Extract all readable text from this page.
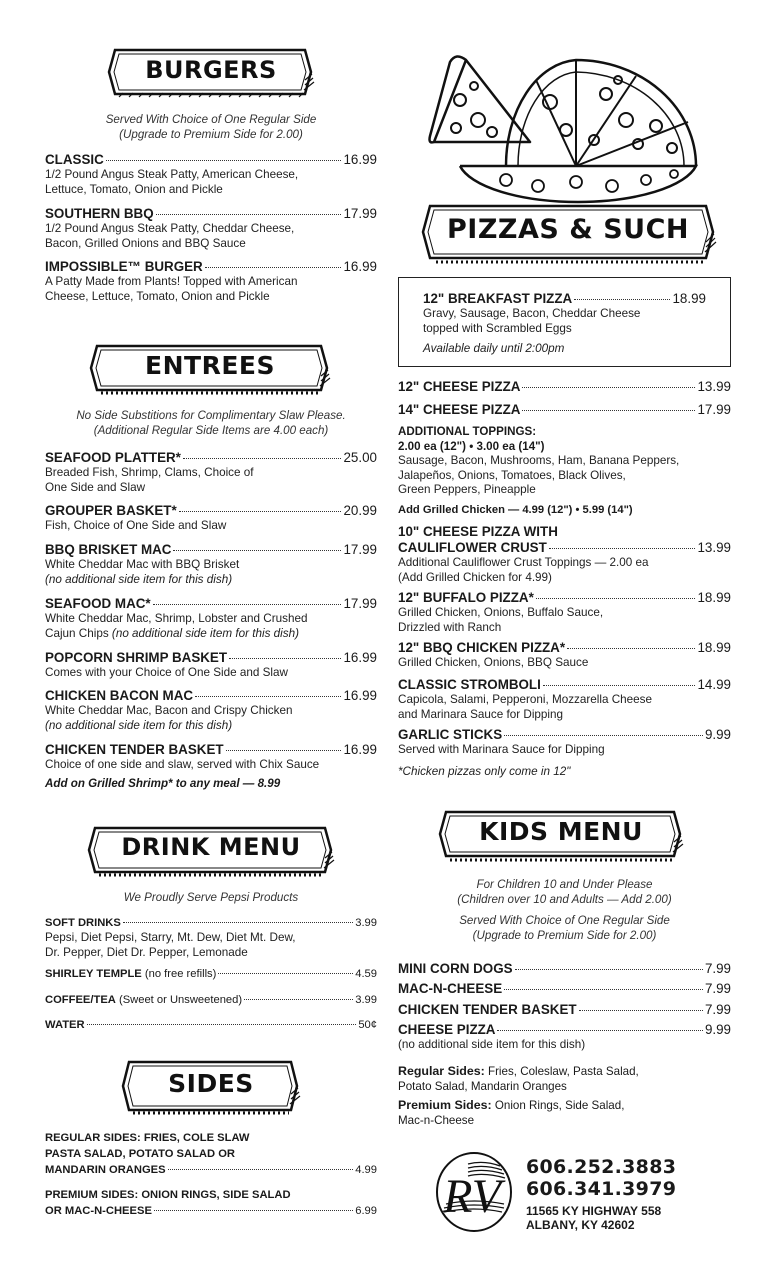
BURGERS
Served With Choice of One Regular Side
(Upgrade to Premium Side for 2.00)
CLASSIC	16.99
1/2 Pound Angus Steak Patty, American Cheese,
Lettuce, Tomato, Onion and Pickle
SOUTHERN BBQ	17.99
1/2 Pound Angus Steak Patty, Cheddar Cheese,
Bacon, Grilled Onions and BBQ Sauce
IMPOSSIBLE™ BURGER	16.99
A Patty Made from Plants! Topped with American
Cheese, Lettuce, Tomato, Onion and Pickle
ENTREES
No Side Substitions for Complimentary Slaw Please.
(Additional Regular Side Items are 4.00 each)
SEAFOOD PLATTER*	25.00
Breaded Fish, Shrimp, Clams, Choice of
One Side and Slaw
GROUPER BASKET*	20.99
Fish, Choice of One Side and Slaw
BBQ BRISKET MAC	17.99
White Cheddar Mac with BBQ Brisket
(no additional side item for this dish)
SEAFOOD MAC*	17.99
White Cheddar Mac, Shrimp, Lobster and Crushed
Cajun Chips (no additional side item for this dish)
POPCORN SHRIMP BASKET	16.99
Comes with your Choice of One Side and Slaw
CHICKEN BACON MAC	16.99
White Cheddar Mac, Bacon and Crispy Chicken
(no additional side item for this dish)
CHICKEN TENDER BASKET	16.99
Choice of one side and slaw, served with Chix Sauce
Add on Grilled Shrimp* to any meal — 8.99
DRINK MENU
We Proudly Serve Pepsi Products
SOFT DRINKS	3.99
Pepsi, Diet Pepsi, Starry, Mt. Dew, Diet Mt. Dew,
Dr. Pepper, Diet Dr. Pepper, Lemonade
SHIRLEY TEMPLE (no free refills)	4.59
COFFEE/TEA (Sweet or Unsweetened)	3.99
WATER	50¢
SIDES
REGULAR SIDES: FRIES, COLE SLAW
PASTA SALAD, POTATO SALAD OR
MANDARIN ORANGES	4.99
PREMIUM SIDES: ONION RINGS, SIDE SALAD
OR MAC-N-CHEESE	6.99
PIZZAS & SUCH
12" BREAKFAST PIZZA	18.99
Gravy, Sausage, Bacon, Cheddar Cheese
topped with Scrambled Eggs
Available daily until 2:00pm
12" CHEESE PIZZA	13.99
14" CHEESE PIZZA	17.99
ADDITIONAL TOPPINGS:
2.00 ea (12") • 3.00 ea (14")
Sausage, Bacon, Mushrooms, Ham, Banana Peppers,
Jalapeños, Onions, Tomatoes, Black Olives,
Green Peppers, Pineapple
Add Grilled Chicken — 4.99 (12") • 5.99 (14")
10" CHEESE PIZZA WITH
CAULIFLOWER CRUST	13.99
Additional Cauliflower Crust Toppings — 2.00 ea
(Add Grilled Chicken for 4.99)
12" BUFFALO PIZZA*	18.99
Grilled Chicken, Onions, Buffalo Sauce,
Drizzled with Ranch
12" BBQ CHICKEN PIZZA*	18.99
Grilled Chicken, Onions, BBQ Sauce
CLASSIC STROMBOLI	14.99
Capicola, Salami, Pepperoni, Mozzarella Cheese
and Marinara Sauce for Dipping
GARLIC STICKS	9.99
Served with Marinara Sauce for Dipping
*Chicken pizzas only come in 12"
KIDS MENU
For Children 10 and Under Please
(Children over 10 and Adults — Add 2.00)
Served With Choice of One Regular Side
(Upgrade to Premium Side for 2.00)
MINI CORN DOGS	7.99
MAC-N-CHEESE	7.99
CHICKEN TENDER BASKET	7.99
CHEESE PIZZA	9.99
(no additional side item for this dish)
Regular Sides: Fries, Coleslaw, Pasta Salad,
Potato Salad, Mandarin Oranges
Premium Sides: Onion Rings, Side Salad,
Mac-n-Cheese
RV
606.252.3883
606.341.3979
11565 KY HIGHWAY 558
ALBANY, KY 42602
